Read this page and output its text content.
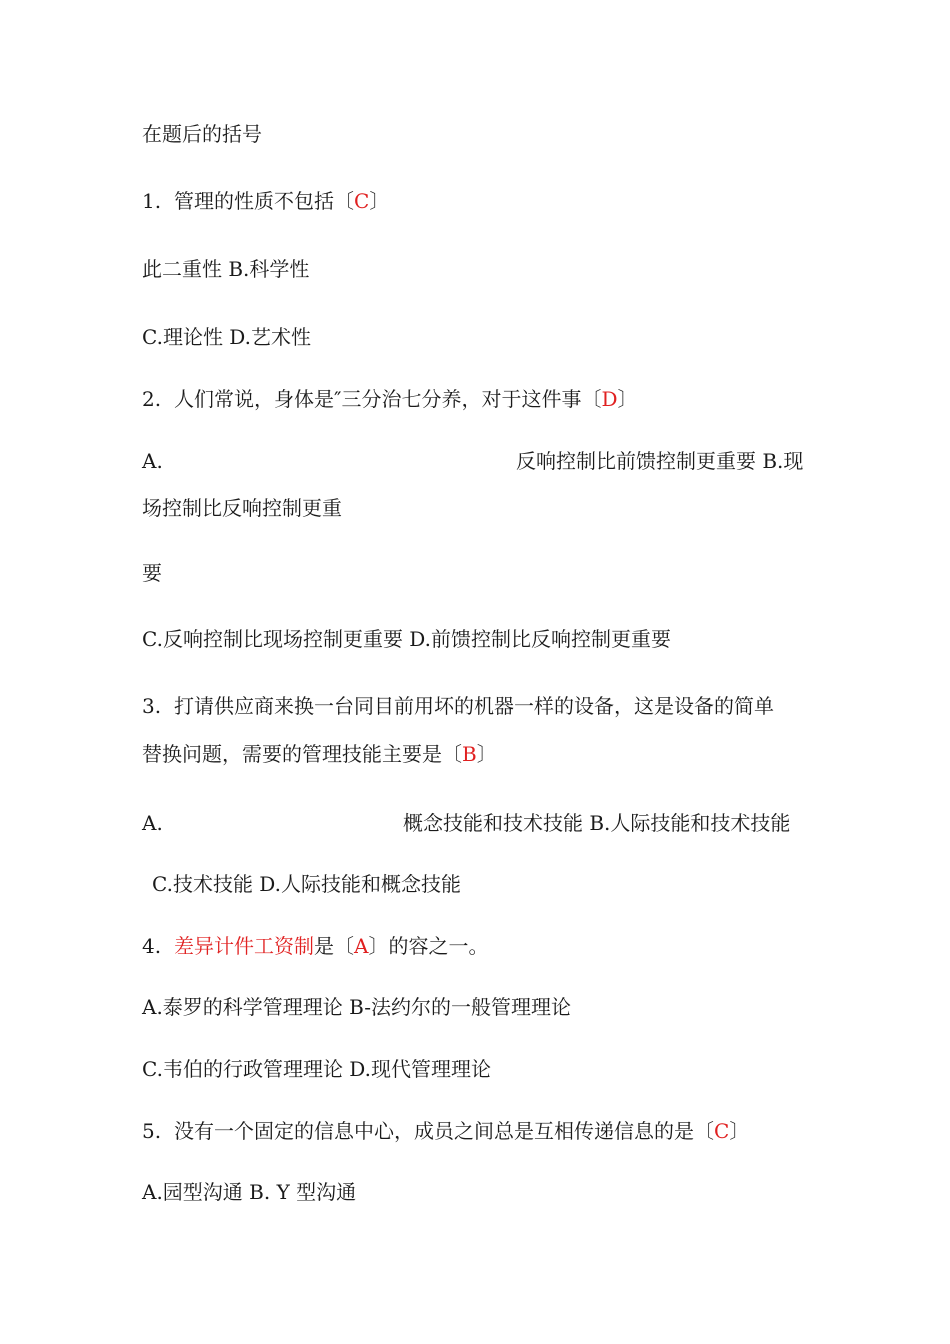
在题后的括号
1. 管理的性质不包括〔C〕
此二重性 B.科学性
C.理论性 D.艺术性
2. 人们常说，身体是″三分治七分养，对于这件事〔D〕
A.	反响控制比前馈控制更重要 B.现
场控制比反响控制更重
要
C.反响控制比现场控制更重要 D.前馈控制比反响控制更重要
3. 打请供应商来换一台同目前用坏的机器一样的设备，这是设备的简单
替换问题，需要的管理技能主要是〔B〕
A.	概念技能和技术技能 B.人际技能和技术技能
C.技术技能 D.人际技能和概念技能
4. 差异计件工资制是〔A〕的容之一。
A.泰罗的科学管理理论 B-法约尔的一般管理理论
C.韦伯的行政管理理论 D.现代管理理论
5. 没有一个固定的信息中心，成员之间总是互相传递信息的是〔C〕
A.园型沟通 B. Y 型沟通
